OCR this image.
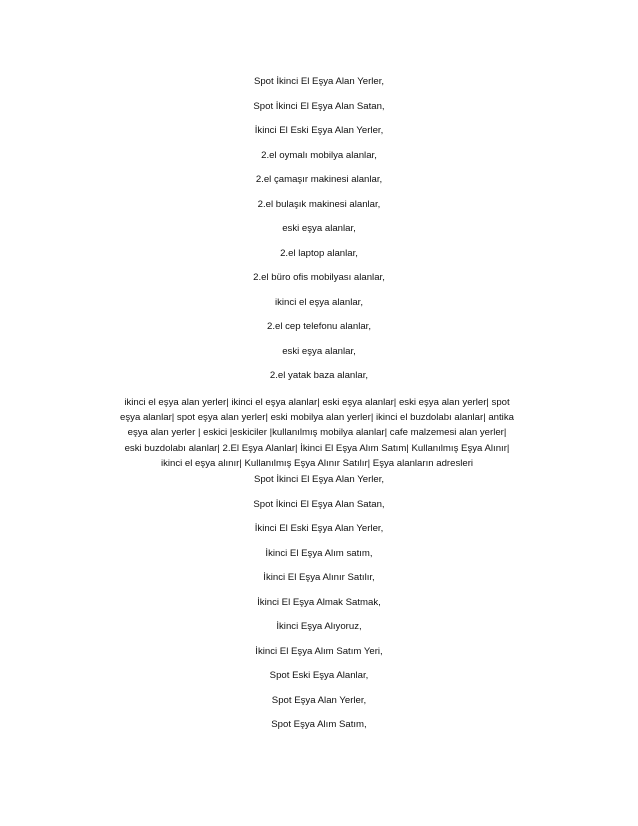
Spot İkinci El Eşya Alan Yerler,
Spot İkinci El Eşya Alan Satan,
İkinci El Eski Eşya Alan Yerler,
2.el oymalı mobilya alanlar,
2.el çamaşır makinesi alanlar,
2.el bulaşık makinesi alanlar,
eski eşya alanlar,
2.el laptop alanlar,
2.el büro ofis mobilyası alanlar,
ikinci el eşya alanlar,
2.el cep telefonu alanlar,
eski eşya alanlar,
2.el yatak baza alanlar,
ikinci el eşya alan yerler| ikinci el eşya alanlar| eski eşya alanlar| eski eşya alan yerler| spot
eşya alanlar| spot eşya alan yerler| eski mobilya alan yerler| ikinci el buzdolabı alanlar| antika
eşya alan yerler | eskici |eskiciler |kullanılmış mobilya alanlar| cafe malzemesi alan yerler|
eski buzdolabı alanlar| 2.El Eşya Alanlar| İkinci El Eşya Alım Satım| Kullanılmış Eşya Alınır|
ikinci el eşya alınır| Kullanılmış Eşya Alınır Satılır| Eşya alanların adresleri
Spot İkinci El Eşya Alan Yerler,
Spot İkinci El Eşya Alan Satan,
İkinci El Eski Eşya Alan Yerler,
İkinci El Eşya Alım satım,
İkinci El Eşya Alınır Satılır,
İkinci El Eşya Almak Satmak,
İkinci Eşya Alıyoruz,
İkinci El Eşya Alım Satım Yeri,
Spot Eski Eşya Alanlar,
Spot Eşya Alan Yerler,
Spot Eşya Alım Satım,
